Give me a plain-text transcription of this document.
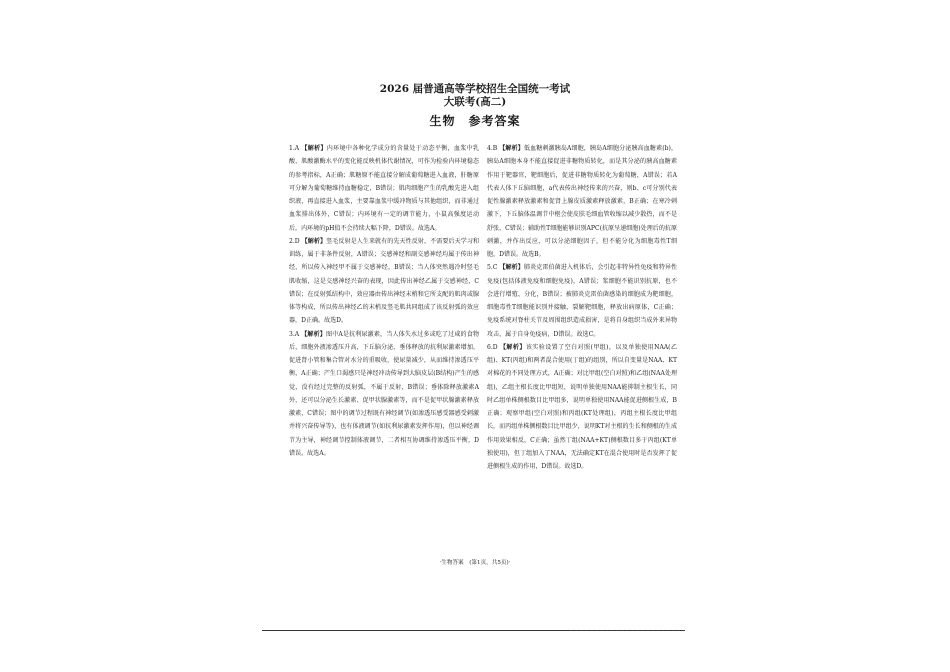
2026 届普通高等学校招生全国统一考试
大联考(高二)
生物　参考答案

1.A 【解析】内环境中各种化学成分的含量处于动态平衡，血浆中乳酸、肌酸激酶水平的变化能反映机体代谢情况，可作为检验内环境稳态的参考指标，A正确；肌糖原不能直接分解成葡萄糖进入血液，肝糖原可分解为葡萄糖维持血糖稳定，B错误；肌肉细胞产生的乳酸先进入组织液，再直接进入血浆，主要靠血浆中缓冲物质与其他组织，而非通过血浆排出体外，C错误；内环境有一定的调节能力，小鼠高强度运动后，内环境的pH值不会持续大幅下降，D错误。故选A。

2.D 【解析】竖毛反射是人生来就有的先天性反射，不需要后天学习和训练，属于非条件反射，A错误；交感神经和副交感神经均属于传出神经，所以传入神经甲不属于交感神经，B错误；当人体突然遇冷时竖毛肌收缩，这是交感神经兴奋的表现，因此传出神经乙属于交感神经，C错误；在反射弧结构中，效应器由传出神经末梢和它所支配的肌肉或腺体等构成，所以传出神经乙的末梢及竖毛肌共同组成了该反射弧的效应器，D正确。故选D。

3.A 【解析】图中A是抗利尿激素，当人体失水过多或吃了过咸的食物后，细胞外液渗透压升高，下丘脑分泌、垂体释放的抗利尿激素增加，促进肾小管和集合管对水分的重吸收，使尿量减少，从而维持渗透压平衡，A正确；产生口渴感只是神经冲动传导到大脑皮层(B结构)产生的感觉，没有经过完整的反射弧，不属于反射，B错误；垂体除释放激素A外，还可以分泌生长激素、促甲状腺激素等，而不是促甲状腺激素释放激素，C错误；图中的调节过程既有神经调节(如渗透压感受器感受刺激并将兴奋传导等)，也有体液调节(如抗利尿激素发挥作用)，但以神经调节为主导，神经调节控制体液调节，二者相互协调维持渗透压平衡，D错误。故选A。

4.B 【解析】低血糖刺激胰岛A细胞，胰岛A细胞分泌胰高血糖素(b)，胰岛A细胞本身不能直接促进非糖物质转化，而是其分泌的胰高血糖素作用于靶器官，靶细胞后，促进非糖物质转化为葡萄糖，A错误；若A代表人体下丘脑细胞，a代表传出神经传来的兴奋，则b、c可分别代表促性腺激素释放激素和促肾上腺皮质激素释放激素，B正确；在寒冷刺激下，下丘脑体温调节中枢会使皮肤毛细血管收缩以减少散热，而不是舒张，C错误；辅助性T细胞能够识别APC(抗原呈递细胞)处理后的抗原刺激，并作出反应，可以分泌细胞因子，但不能分化为细胞毒性T细胞，D错误。故选B。

5.C 【解析】肺炎克雷伯菌进入机体后，会引起非特异性免疫和特异性免疫(包括体液免疫和细胞免疫)，A错误；浆细胞不能识别抗原，也不会进行增殖、分化，B错误；被肺炎克雷伯菌感染的细胞成为靶细胞，细胞毒性T细胞能识别并接触、裂解靶细胞，释放出病原体，C正确；免疫系统对脊柱关节及周围组织造成损害，是将自身组织当成外来异物攻击，属于自身免疫病，D错误。故选C。

6.D 【解析】该实验设置了空白对照(甲组)，以及单独使用NAA(乙组)、KT(丙组)和两者混合使用(丁组)的组别，所以自变量是NAA、KT对棉花的不同处理方式，A正确；对比甲组(空白对照)和乙组(NAA处理组)，乙组主根长度比甲组短，说明单独使用NAA能抑制主根生长，同时乙组单株侧根数目比甲组多，说明单独使用NAA能促进侧根生成，B正确；观察甲组(空白对照)和丙组(KT处理组)，丙组主根长度比甲组长，而丙组单株侧根数目比甲组少，说明KT对主根的生长和侧根的生成作用效果相反，C正确；虽然丁组(NAA+KT)侧根数目多于丙组(KT单独使用)，但丁组加入了NAA，无法确定KT在混合使用时是否发挥了促进侧根生成的作用，D错误。故选D。

·生物答案　(第1页，共5页)·
